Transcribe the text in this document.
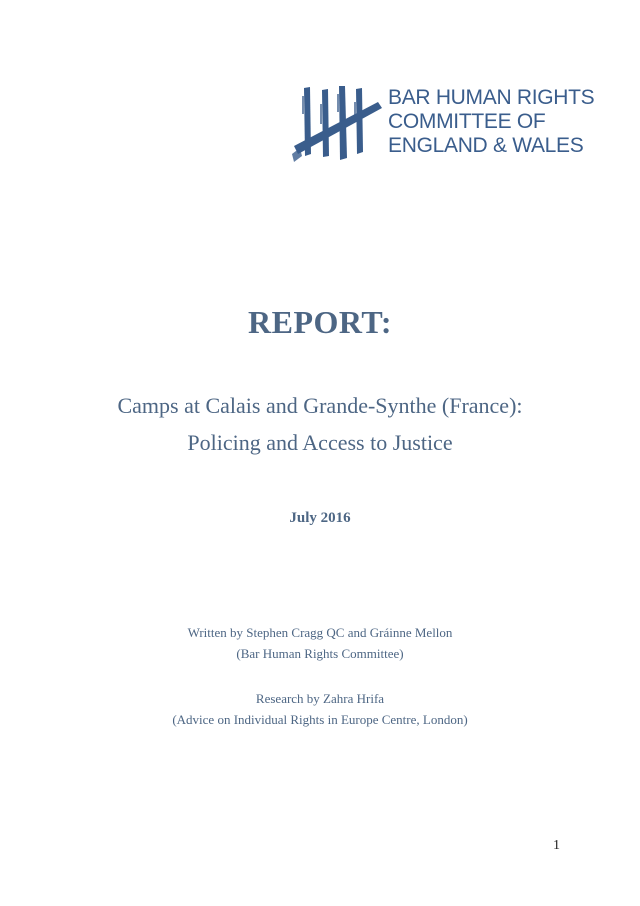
BAR HUMAN RIGHTS
COMMITTEE OF
ENGLAND & WALES
REPORT:
Camps at Calais and Grande-Synthe (France):
Policing and Access to Justice
July 2016
Written by Stephen Cragg QC and Gráinne Mellon
(Bar Human Rights Committee)
Research by Zahra Hrifa
(Advice on Individual Rights in Europe Centre, London)
1
